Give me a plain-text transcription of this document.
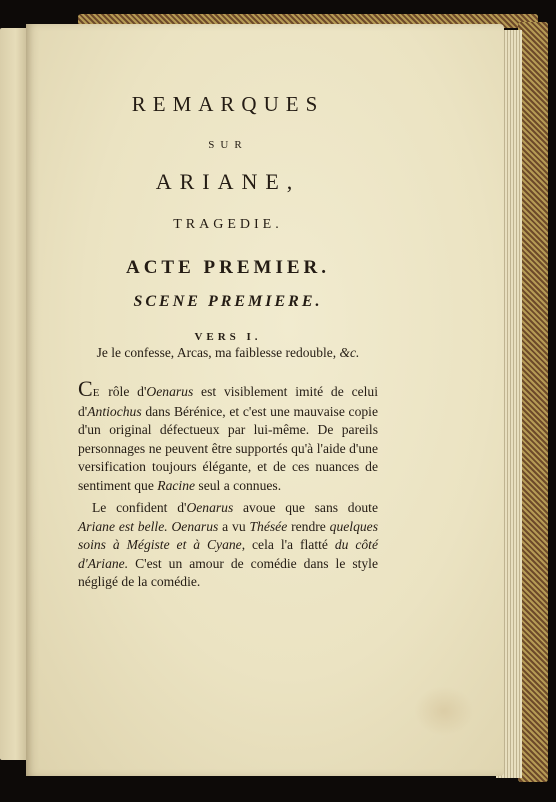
REMARQUES
SUR
ARIANE,
TRAGEDIE.
ACTE PREMIER.
SCENE PREMIERE.
VERS I.
Je le confesse, Arcas, ma faiblesse redouble, &c.

CE rôle d'Oenarus est visiblement imité de celui d'Antiochus dans Bérénice, et c'est une mauvaise copie d'un original défectueux par lui-même. De pareils personnages ne peuvent être supportés qu'à l'aide d'une versification toujours élégante, et de ces nuances de sentiment que Racine seul a connues.

Le confident d'Oenarus avoue que sans doute Ariane est belle. Oenarus a vu Thésée rendre quelques soins à Mégiste et à Cyane, cela l'a flatté du côté d'Ariane. C'est un amour de comédie dans le style négligé de la comédie.
